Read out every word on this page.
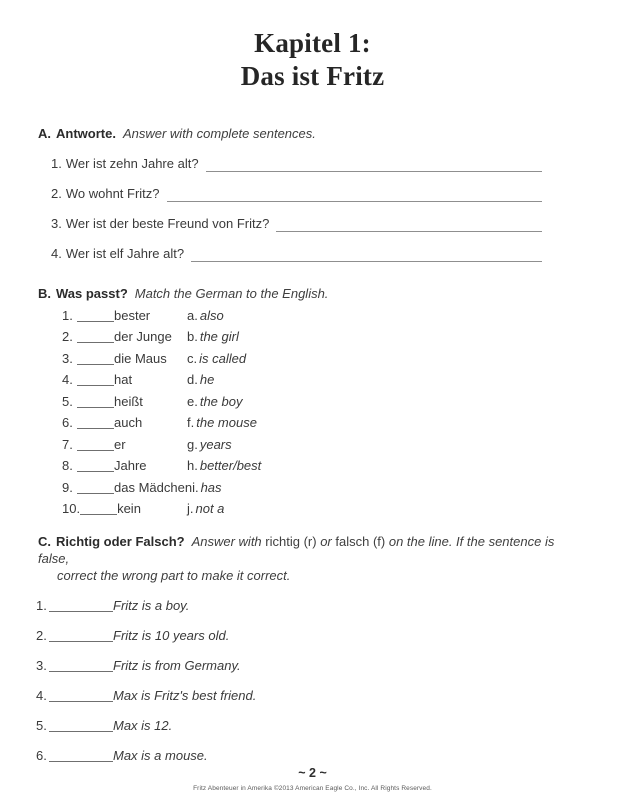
Kapitel 1:
Das ist Fritz
A. Antworte. Answer with complete sentences.
1. Wer ist zehn Jahre alt?
2. Wo wohnt Fritz?
3. Wer ist der beste Freund von Fritz?
4. Wer ist elf Jahre alt?
B. Was passt? Match the German to the English.
1.	bester	a. also
2.	der Junge	b. the girl
3.	die Maus	c. is called
4.	hat	d. he
5.	heißt	e. the boy
6.	auch	f. the mouse
7.	er	g. years
8.	Jahre	h. better/best
9.	das Mädchen i. has
10.	kein	j. not a
C. Richtig oder Falsch? Answer with richtig (r) or falsch (f) on the line. If the sentence is false,
correct the wrong part to make it correct.
1.	Fritz is a boy.
2.	Fritz is 10 years old.
3.	Fritz is from Germany.
4.	Max is Fritz's best friend.
5.	Max is 12.
6.	Max is a mouse.
~ 2 ~
Fritz Abenteuer in Amerika ©2013 American Eagle Co., Inc. All Rights Reserved.
